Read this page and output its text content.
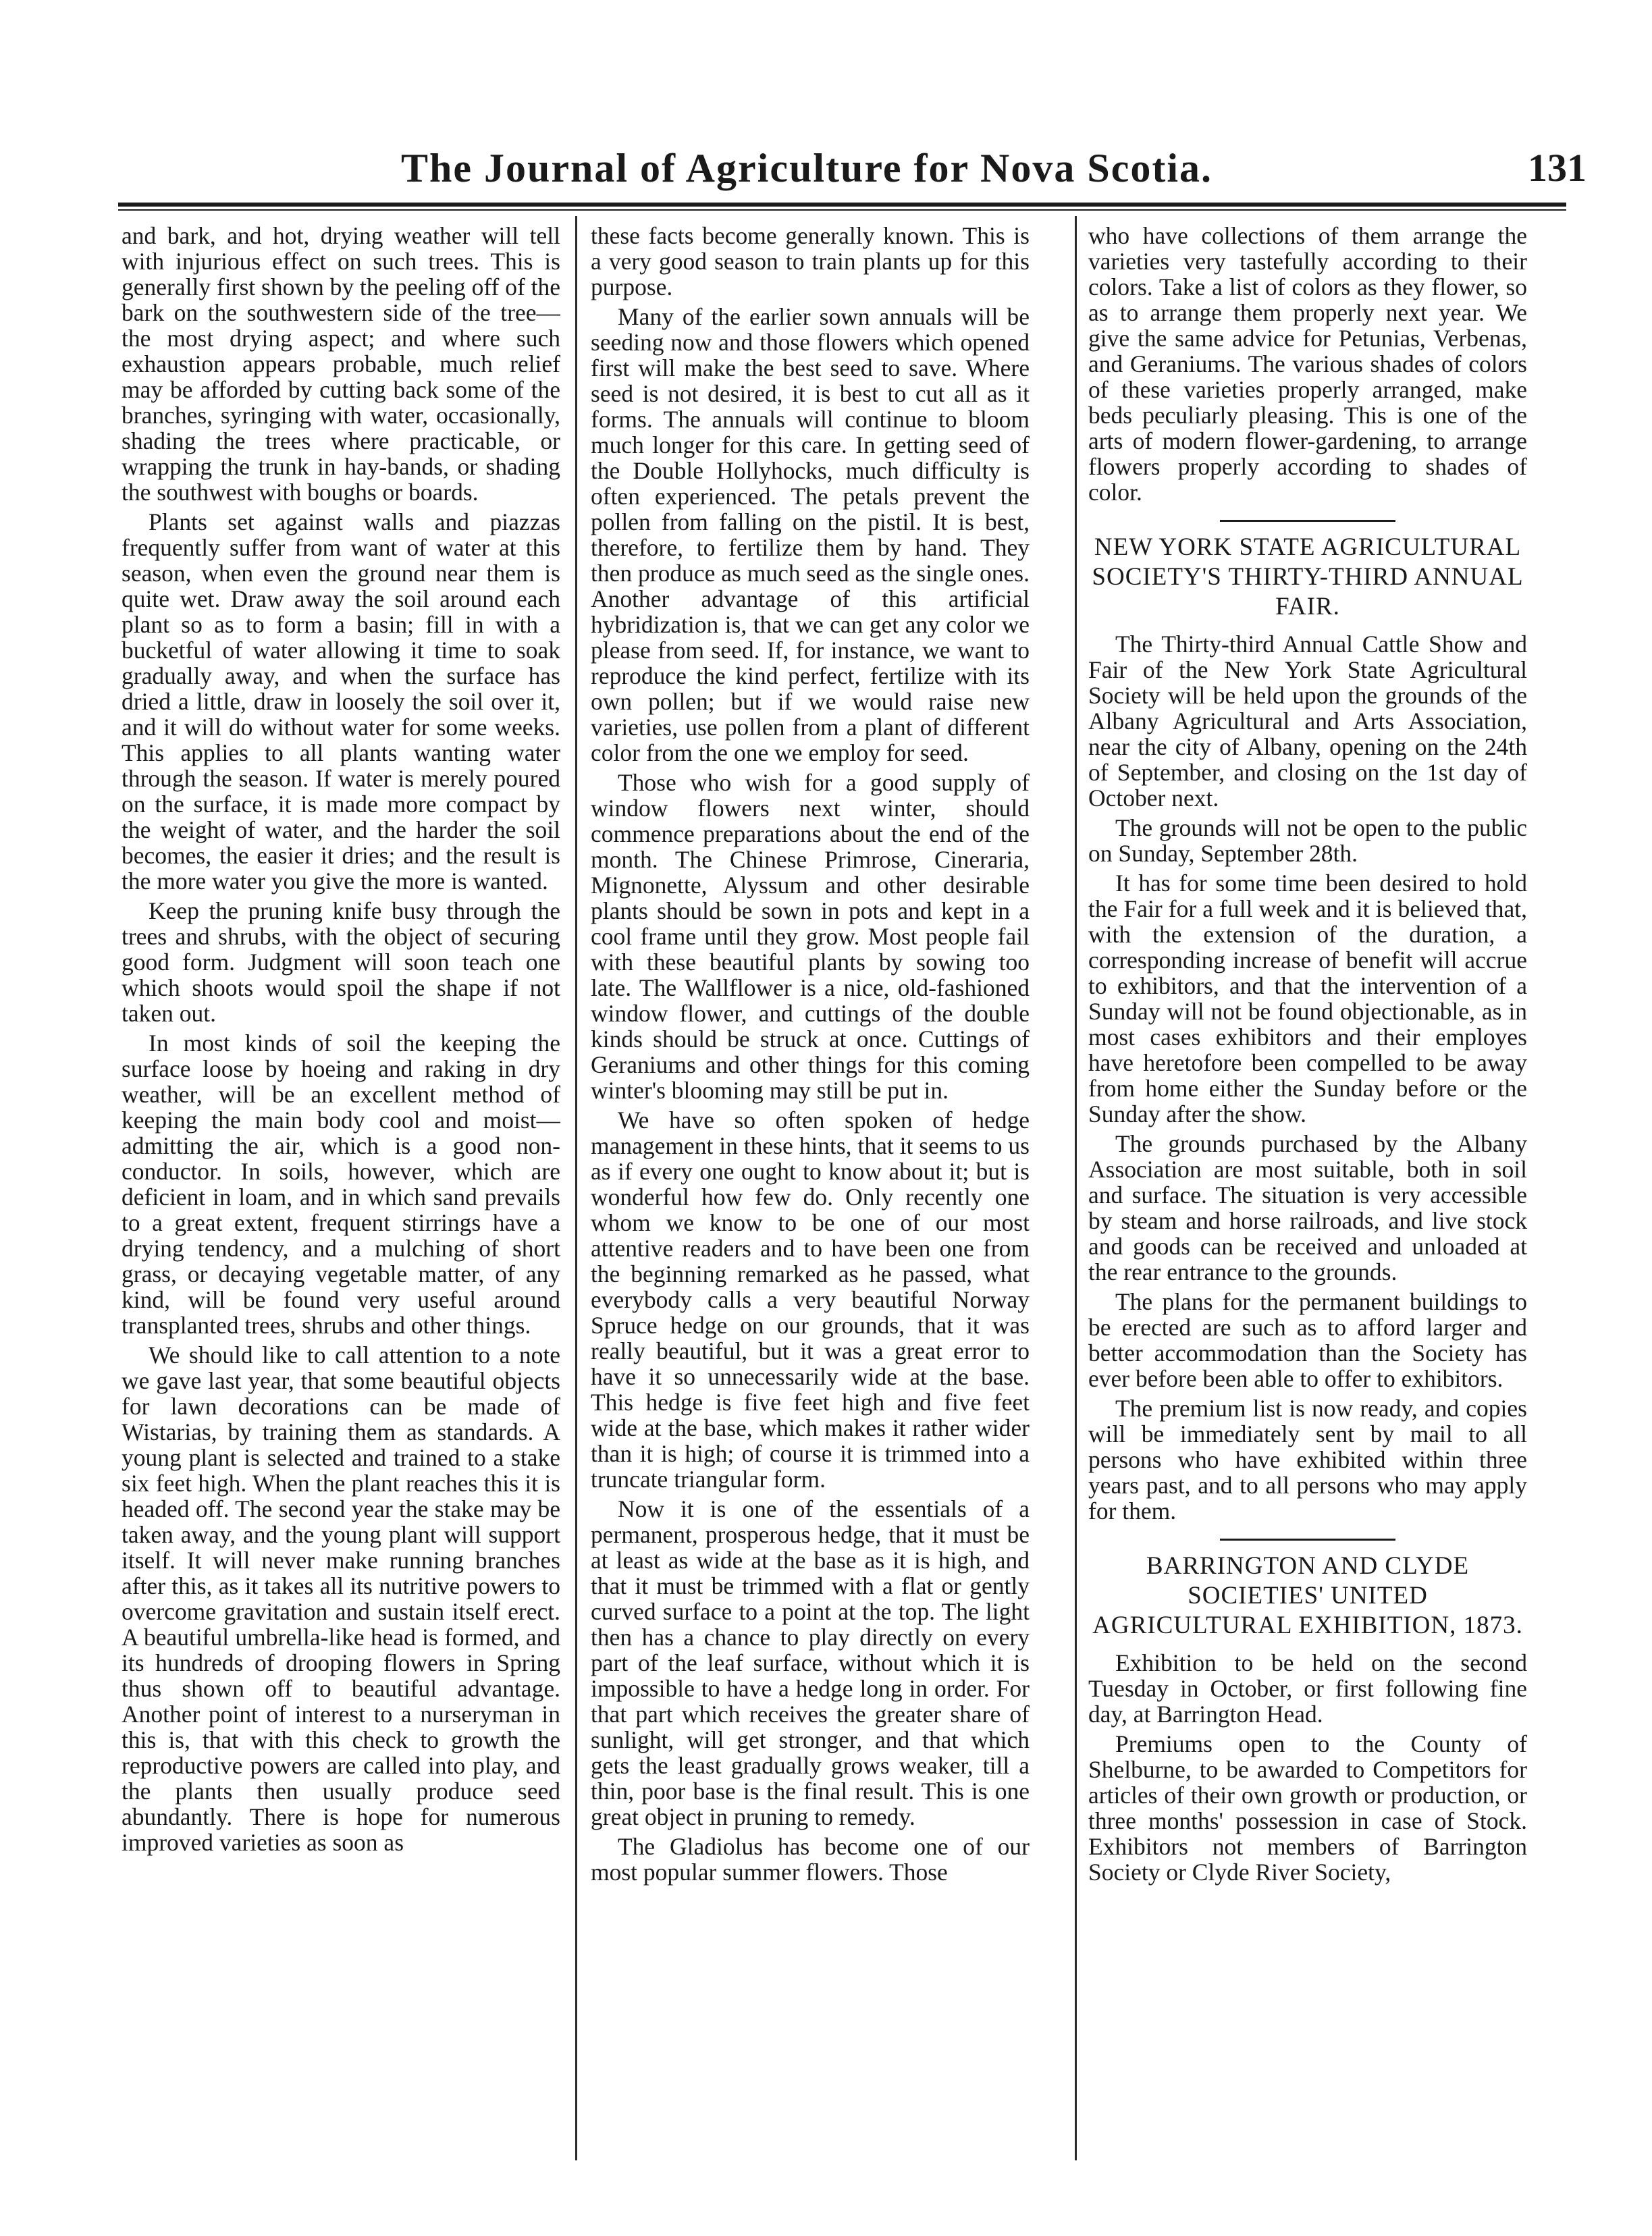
The Journal of Agriculture for Nova Scotia.	131

and bark, and hot, drying weather will tell with injurious effect on such trees. This is generally first shown by the peeling off of the bark on the southwestern side of the tree—the most drying aspect; and where such exhaustion appears probable, much relief may be afforded by cutting back some of the branches, syringing with water, occasionally, shading the trees where practicable, or wrapping the trunk in hay-bands, or shading the southwest with boughs or boards.

Plants set against walls and piazzas frequently suffer from want of water at this season, when even the ground near them is quite wet. Draw away the soil around each plant so as to form a basin; fill in with a bucketful of water allowing it time to soak gradually away, and when the surface has dried a little, draw in loosely the soil over it, and it will do without water for some weeks. This applies to all plants wanting water through the season. If water is merely poured on the surface, it is made more compact by the weight of water, and the harder the soil becomes, the easier it dries; and the result is the more water you give the more is wanted.

Keep the pruning knife busy through the trees and shrubs, with the object of securing good form. Judgment will soon teach one which shoots would spoil the shape if not taken out.

In most kinds of soil the keeping the surface loose by hoeing and raking in dry weather, will be an excellent method of keeping the main body cool and moist—admitting the air, which is a good non-conductor. In soils, however, which are deficient in loam, and in which sand prevails to a great extent, frequent stirrings have a drying tendency, and a mulching of short grass, or decaying vegetable matter, of any kind, will be found very useful around transplanted trees, shrubs and other things.

We should like to call attention to a note we gave last year, that some beautiful objects for lawn decorations can be made of Wistarias, by training them as standards. A young plant is selected and trained to a stake six feet high. When the plant reaches this it is headed off. The second year the stake may be taken away, and the young plant will support itself. It will never make running branches after this, as it takes all its nutritive powers to overcome gravitation and sustain itself erect. A beautiful umbrella-like head is formed, and its hundreds of drooping flowers in Spring thus shown off to beautiful advantage. Another point of interest to a nurseryman in this is, that with this check to growth the reproductive powers are called into play, and the plants then usually produce seed abundantly. There is hope for numerous improved varieties as soon as

these facts become generally known. This is a very good season to train plants up for this purpose.

Many of the earlier sown annuals will be seeding now and those flowers which opened first will make the best seed to save. Where seed is not desired, it is best to cut all as it forms. The annuals will continue to bloom much longer for this care. In getting seed of the Double Hollyhocks, much difficulty is often experienced. The petals prevent the pollen from falling on the pistil. It is best, therefore, to fertilize them by hand. They then produce as much seed as the single ones. Another advantage of this artificial hybridization is, that we can get any color we please from seed. If, for instance, we want to reproduce the kind perfect, fertilize with its own pollen; but if we would raise new varieties, use pollen from a plant of different color from the one we employ for seed.

Those who wish for a good supply of window flowers next winter, should commence preparations about the end of the month. The Chinese Primrose, Cineraria, Mignonette, Alyssum and other desirable plants should be sown in pots and kept in a cool frame until they grow. Most people fail with these beautiful plants by sowing too late. The Wallflower is a nice, old-fashioned window flower, and cuttings of the double kinds should be struck at once. Cuttings of Geraniums and other things for this coming winter's blooming may still be put in.

We have so often spoken of hedge management in these hints, that it seems to us as if every one ought to know about it; but is wonderful how few do. Only recently one whom we know to be one of our most attentive readers and to have been one from the beginning remarked as he passed, what everybody calls a very beautiful Norway Spruce hedge on our grounds, that it was really beautiful, but it was a great error to have it so unnecessarily wide at the base. This hedge is five feet high and five feet wide at the base, which makes it rather wider than it is high; of course it is trimmed into a truncate triangular form.

Now it is one of the essentials of a permanent, prosperous hedge, that it must be at least as wide at the base as it is high, and that it must be trimmed with a flat or gently curved surface to a point at the top. The light then has a chance to play directly on every part of the leaf surface, without which it is impossible to have a hedge long in order. For that part which receives the greater share of sunlight, will get stronger, and that which gets the least gradually grows weaker, till a thin, poor base is the final result. This is one great object in pruning to remedy.

The Gladiolus has become one of our most popular summer flowers. Those

who have collections of them arrange the varieties very tastefully according to their colors. Take a list of colors as they flower, so as to arrange them properly next year. We give the same advice for Petunias, Verbenas, and Geraniums. The various shades of colors of these varieties properly arranged, make beds peculiarly pleasing. This is one of the arts of modern flower-gardening, to arrange flowers properly according to shades of color.

NEW YORK STATE AGRICULTURAL SOCIETY'S THIRTY-THIRD ANNUAL FAIR.

The Thirty-third Annual Cattle Show and Fair of the New York State Agricultural Society will be held upon the grounds of the Albany Agricultural and Arts Association, near the city of Albany, opening on the 24th of September, and closing on the 1st day of October next.

The grounds will not be open to the public on Sunday, September 28th.

It has for some time been desired to hold the Fair for a full week and it is believed that, with the extension of the duration, a corresponding increase of benefit will accrue to exhibitors, and that the intervention of a Sunday will not be found objectionable, as in most cases exhibitors and their employes have heretofore been compelled to be away from home either the Sunday before or the Sunday after the show.

The grounds purchased by the Albany Association are most suitable, both in soil and surface. The situation is very accessible by steam and horse railroads, and live stock and goods can be received and unloaded at the rear entrance to the grounds.

The plans for the permanent buildings to be erected are such as to afford larger and better accommodation than the Society has ever before been able to offer to exhibitors.

The premium list is now ready, and copies will be immediately sent by mail to all persons who have exhibited within three years past, and to all persons who may apply for them.

BARRINGTON AND CLYDE SOCIETIES' UNITED AGRICULTURAL EXHIBITION, 1873.

Exhibition to be held on the second Tuesday in October, or first following fine day, at Barrington Head.

Premiums open to the County of Shelburne, to be awarded to Competitors for articles of their own growth or production, or three months' possession in case of Stock. Exhibitors not members of Barrington Society or Clyde River Society,
